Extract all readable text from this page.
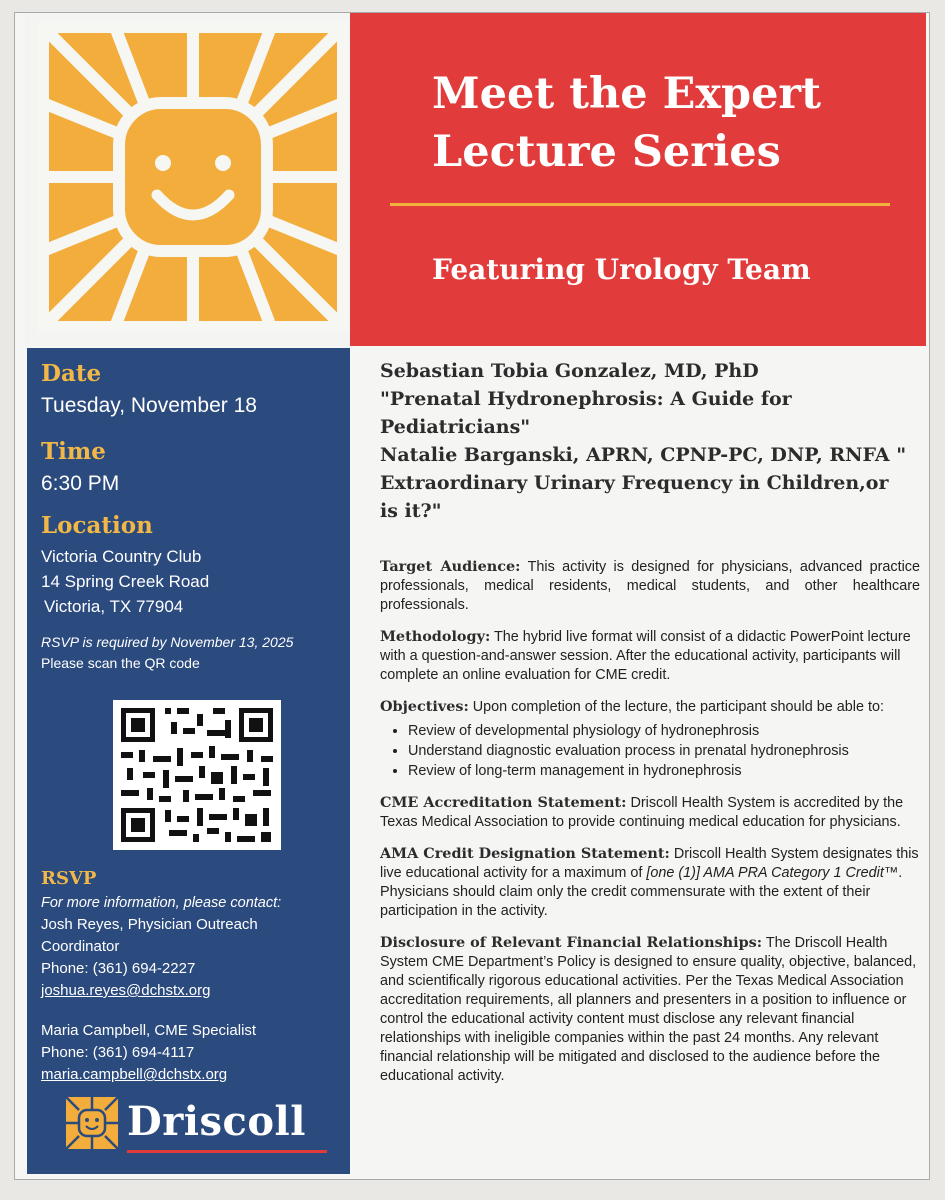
Meet the Expert
Lecture Series
Featuring Urology Team
Date
Tuesday, November 18
Time
6:30 PM
Location
Victoria Country Club
14 Spring Creek Road
Victoria, TX 77904
RSVP is required by November 13, 2025
Please scan the QR code
RSVP
For more information, please contact:
Josh Reyes, Physician Outreach
Coordinator
Phone: (361) 694-2227
joshua.reyes@dchstx.org
Maria Campbell, CME Specialist
Phone: (361) 694-4117
maria.campbell@dchstx.org
Driscoll
Sebastian Tobia Gonzalez, MD, PhD
"Prenatal Hydronephrosis: A Guide for
Pediatricians"
Natalie Barganski, APRN, CPNP-PC, DNP, RNFA "
Extraordinary Urinary Frequency in Children,or
is it?"

Target Audience: This activity is designed for physicians, advanced practice professionals, medical residents, medical students, and other healthcare professionals.

Methodology: The hybrid live format will consist of a didactic PowerPoint lecture with a question-and-answer session. After the educational activity, participants will complete an online evaluation for CME credit.

Objectives: Upon completion of the lecture, the participant should be able to:

• Review of developmental physiology of hydronephrosis
• Understand diagnostic evaluation process in prenatal hydronephrosis
• Review of long-term management in hydronephrosis

CME Accreditation Statement: Driscoll Health System is accredited by the Texas Medical Association to provide continuing medical education for physicians.

AMA Credit Designation Statement: Driscoll Health System designates this live educational activity for a maximum of [one (1)] AMA PRA Category 1 Credit™. Physicians should claim only the credit commensurate with the extent of their participation in the activity.

Disclosure of Relevant Financial Relationships: The Driscoll Health System CME Department’s Policy is designed to ensure quality, objective, balanced, and scientifically rigorous educational activities. Per the Texas Medical Association accreditation requirements, all planners and presenters in a position to influence or control the educational activity content must disclose any relevant financial relationships with ineligible companies within the past 24 months. Any relevant financial relationship will be mitigated and disclosed to the audience before the educational activity.
